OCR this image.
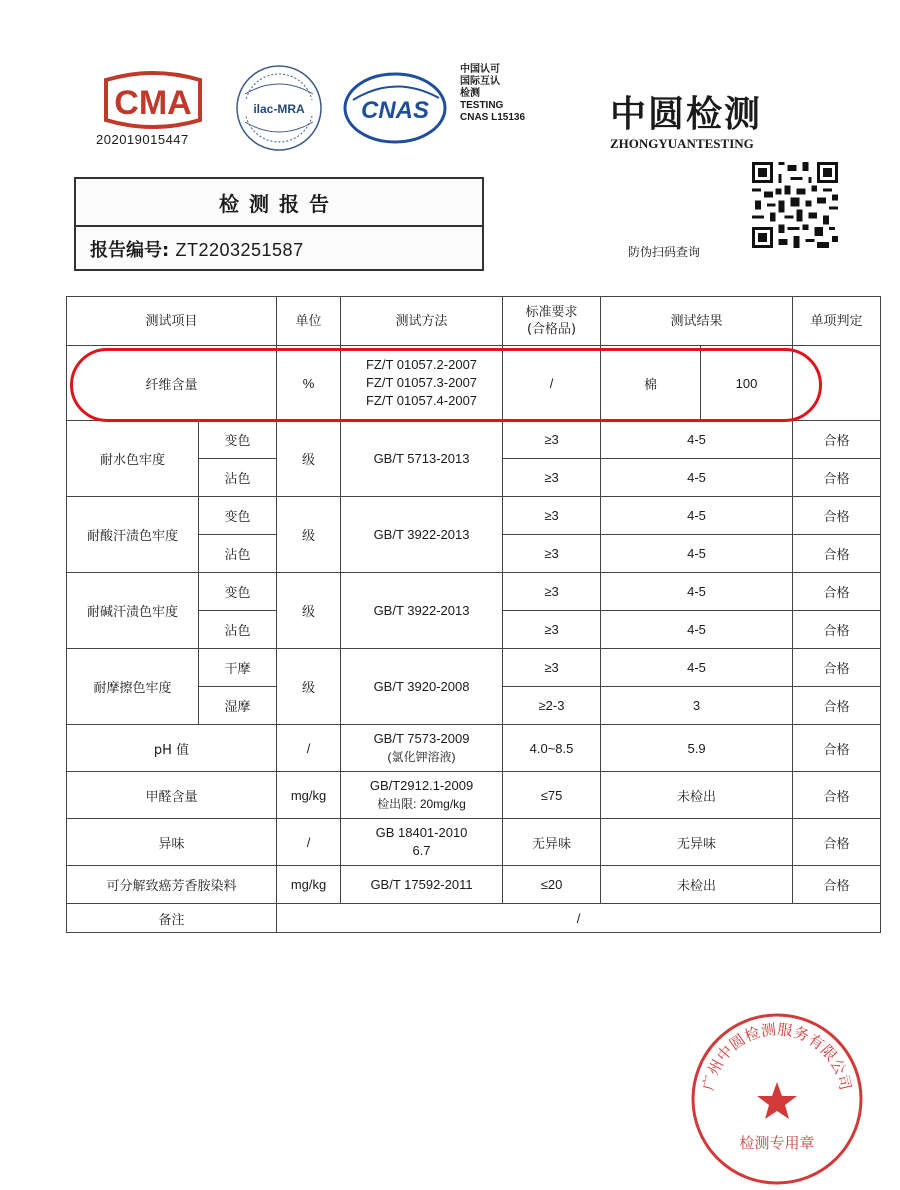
CMA
202019015447
ilac-MRA CNAS
中国认可
国际互认
检测
TESTING
CNAS L15136	中圆检测
ZHONGYUANTESTING
防伪扫码查询
检测报告
报告编号: ZT2203251587
测试项目		单位	测试方法	标准要求
(合格品)	测试结果		单项判定
纤维含量		%	FZ/T 01057.2-2007
FZ/T 01057.3-2007
FZ/T 01057.4-2007	/	棉	100	
耐水色牢度	变色	级	GB/T 5713-2013	≥3	4-5		合格
	沾色			≥3	4-5		合格
耐酸汗渍色牢度	变色	级	GB/T 3922-2013	≥3	4-5		合格
	沾色			≥3	4-5		合格
耐碱汗渍色牢度	变色	级	GB/T 3922-2013	≥3	4-5		合格
	沾色			≥3	4-5		合格
耐摩擦色牢度	干摩	级	GB/T 3920-2008	≥3	4-5		合格
	湿摩			≥2-3	3		合格
pH 值		/	GB/T 7573-2009
(氯化钾溶液)	4.0~8.5	5.9		合格
甲醛含量		mg/kg	GB/T2912.1-2009
检出限: 20mg/kg	≤75	未检出		合格
异味		/	GB 18401-2010
6.7	无异味	无异味		合格
可分解致癌芳香胺染料		mg/kg	GB/T 17592-2011	≤20	未检出		合格
备注		/					
广州中圆检测服务有限公司
检测专用章
